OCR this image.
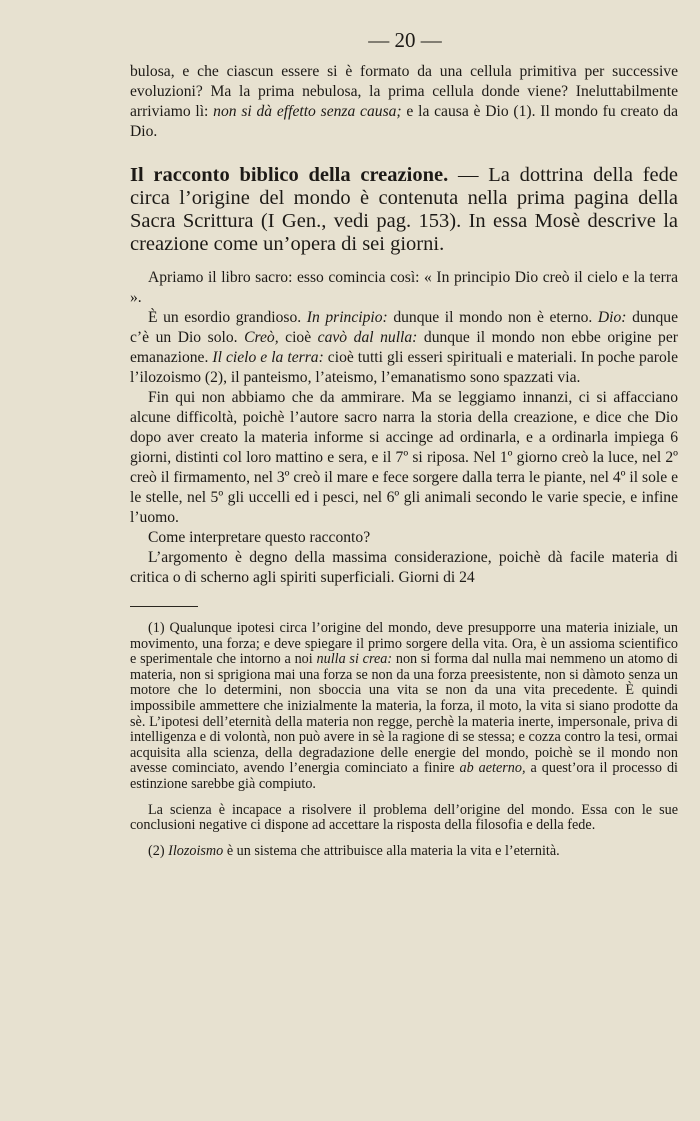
— 20 —

bulosa, e che ciascun essere si è formato da una cellula primitiva per successive evoluzioni? Ma la prima nebulosa, la prima cellula donde viene? Ineluttabilmente arriviamo lì: non si dà effetto senza causa; e la causa è Dio (1). Il mondo fu creato da Dio.

Il racconto biblico della creazione. — La dottrina della fede circa l’origine del mondo è contenuta nella prima pagina della Sacra Scrittura (I Gen., vedi pag. 153). In essa Mosè descrive la creazione come un’opera di sei giorni.

Apriamo il libro sacro: esso comincia così: « In principio Dio creò il cielo e la terra ».

È un esordio grandioso. In principio: dunque il mondo non è eterno. Dio: dunque c’è un Dio solo. Creò, cioè cavò dal nulla: dunque il mondo non ebbe origine per emanazione. Il cielo e la terra: cioè tutti gli esseri spirituali e materiali. In poche parole l’ilozoismo (2), il panteismo, l’ateismo, l’emanatismo sono spazzati via.

Fin qui non abbiamo che da ammirare. Ma se leggiamo innanzi, ci si affacciano alcune difficoltà, poichè l’autore sacro narra la storia della creazione, e dice che Dio dopo aver creato la materia informe si accinge ad ordinarla, e a ordinarla impiega 6 giorni, distinti col loro mattino e sera, e il 7º si riposa. Nel 1º giorno creò la luce, nel 2º creò il firmamento, nel 3º creò il mare e fece sorgere dalla terra le piante, nel 4º il sole e le stelle, nel 5º gli uccelli ed i pesci, nel 6º gli animali secondo le varie specie, e infine l’uomo.

Come interpretare questo racconto?

L’argomento è degno della massima considerazione, poichè dà facile materia di critica o di scherno agli spiriti superficiali. Giorni di 24

(1) Qualunque ipotesi circa l’origine del mondo, deve presupporre una materia iniziale, un movimento, una forza; e deve spiegare il primo sorgere della vita. Ora, è un assioma scientifico e sperimentale che intorno a noi nulla si crea: non si forma dal nulla mai nemmeno un atomo di materia, non si sprigiona mai una forza se non da una forza preesistente, non si dàmoto senza un motore che lo determini, non sboccia una vita se non da una vita precedente. È quindi impossibile ammettere che inizialmente la materia, la forza, il moto, la vita si siano prodotte da sè. L’ipotesi dell’eternità della materia non regge, perchè la materia inerte, impersonale, priva di intelligenza e di volontà, non può avere in sè la ragione di se stessa; e cozza contro la tesi, ormai acquisita alla scienza, della degradazione delle energie del mondo, poichè se il mondo non avesse cominciato, avendo l’energia cominciato a finire ab aeterno, a quest’ora il processo di estinzione sarebbe già compiuto.

La scienza è incapace a risolvere il problema dell’origine del mondo. Essa con le sue conclusioni negative ci dispone ad accettare la risposta della filosofia e della fede.

(2) Ilozoismo è un sistema che attribuisce alla materia la vita e l’eternità.
